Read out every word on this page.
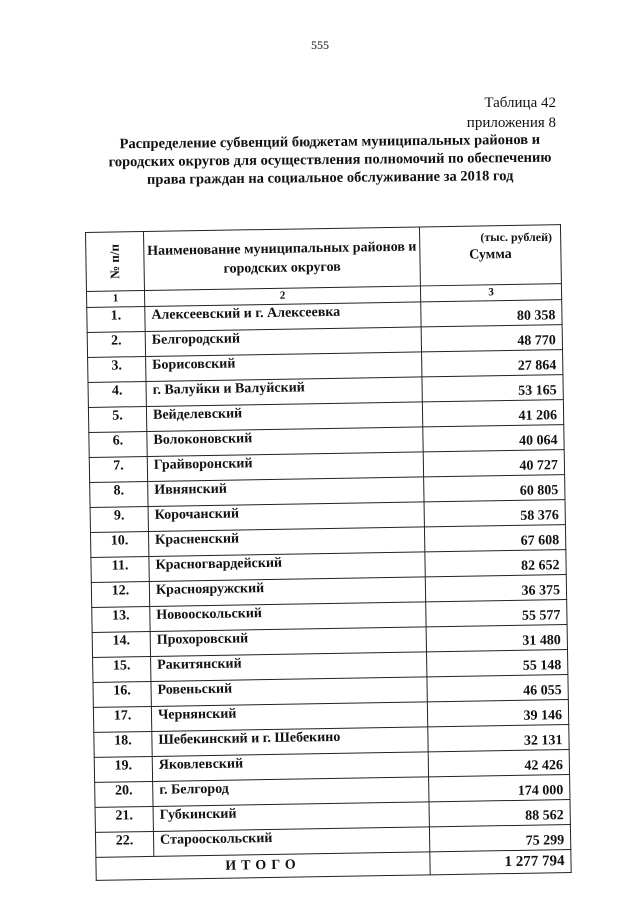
555
Таблица 42
приложения 8
Распределение субвенций бюджетам муниципальных районов и городских округов для осуществления полномочий по обеспечению права граждан на социальное обслуживание за 2018 год
(тыс. рублей)
№ п/п	Наименование муниципальных районов и городских округов	Сумма
1	2	3
1.	Алексеевский и г. Алексеевка	80 358
2.	Белгородский	48 770
3.	Борисовский	27 864
4.	г. Валуйки и Валуйский	53 165
5.	Вейделевский	41 206
6.	Волоконовский	40 064
7.	Грайворонский	40 727
8.	Ивнянский	60 805
9.	Корочанский	58 376
10.	Красненский	67 608
11.	Красногвардейский	82 652
12.	Краснояружский	36 375
13.	Новооскольский	55 577
14.	Прохоровский	31 480
15.	Ракитянский	55 148
16.	Ровеньский	46 055
17.	Чернянский	39 146
18.	Шебекинский и г. Шебекино	32 131
19.	Яковлевский	42 426
20.	г. Белгород	174 000
21.	Губкинский	88 562
22.	Старооскольский	75 299
ИТОГО		1 277 794
